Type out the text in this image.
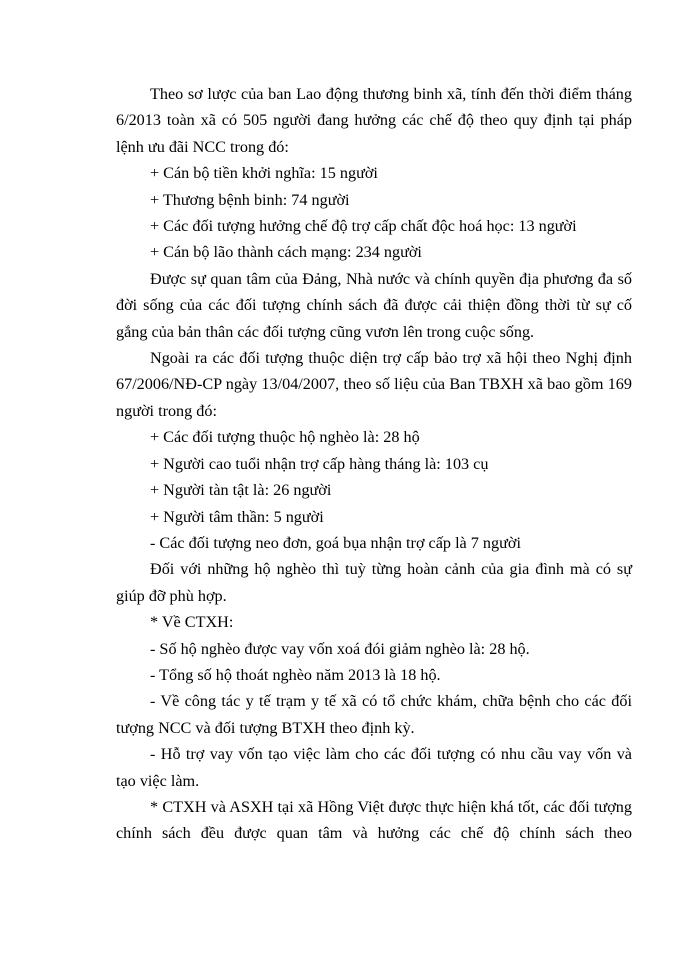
Theo sơ lược của ban Lao động thương binh xã, tính đến thời điểm tháng 6/2013 toàn xã có 505 người đang hưởng các chế độ theo quy định tại pháp lệnh ưu đãi NCC trong đó:

+ Cán bộ tiền khởi nghĩa: 15 người

+ Thương bệnh binh: 74 người

+ Các đối tượng hưởng chế độ trợ cấp chất độc hoá học: 13 người

+ Cán bộ lão thành cách mạng: 234 người

Được sự quan tâm của Đảng, Nhà nước và chính quyền địa phương đa số đời sống của các đối tượng chính sách đã được cải thiện đồng thời từ sự cố gắng của bản thân các đối tượng cũng vươn lên trong cuộc sống.

Ngoài ra các đối tượng thuộc diện trợ cấp bảo trợ xã hội theo Nghị định 67/2006/NĐ-CP ngày 13/04/2007, theo số liệu của Ban TBXH xã bao gồm 169 người trong đó:

+ Các đối tượng thuộc hộ nghèo là: 28 hộ

+ Người cao tuổi nhận trợ cấp hàng tháng là: 103 cụ

+ Người tàn tật là: 26 người

+ Người tâm thần: 5 người

- Các đối tượng neo đơn, goá bụa nhận trợ cấp là 7 người

Đối với những hộ nghèo thì tuỳ từng hoàn cảnh của gia đình mà có sự giúp đỡ phù hợp.

* Về CTXH:

- Số hộ nghèo được vay vốn xoá đói giảm nghèo là: 28 hộ.

- Tổng số hộ thoát nghèo năm 2013 là 18 hộ.

- Về công tác y tế trạm y tế xã có tổ chức khám, chữa bệnh cho các đối tượng NCC và đối tượng BTXH theo định kỳ.

- Hỗ trợ vay vốn tạo việc làm cho các đối tượng có nhu cầu vay vốn và tạo việc làm.

* CTXH và ASXH tại xã Hồng Việt được thực hiện khá tốt, các đối tượng chính sách đều được quan tâm và hưởng các chế độ chính sách theo
